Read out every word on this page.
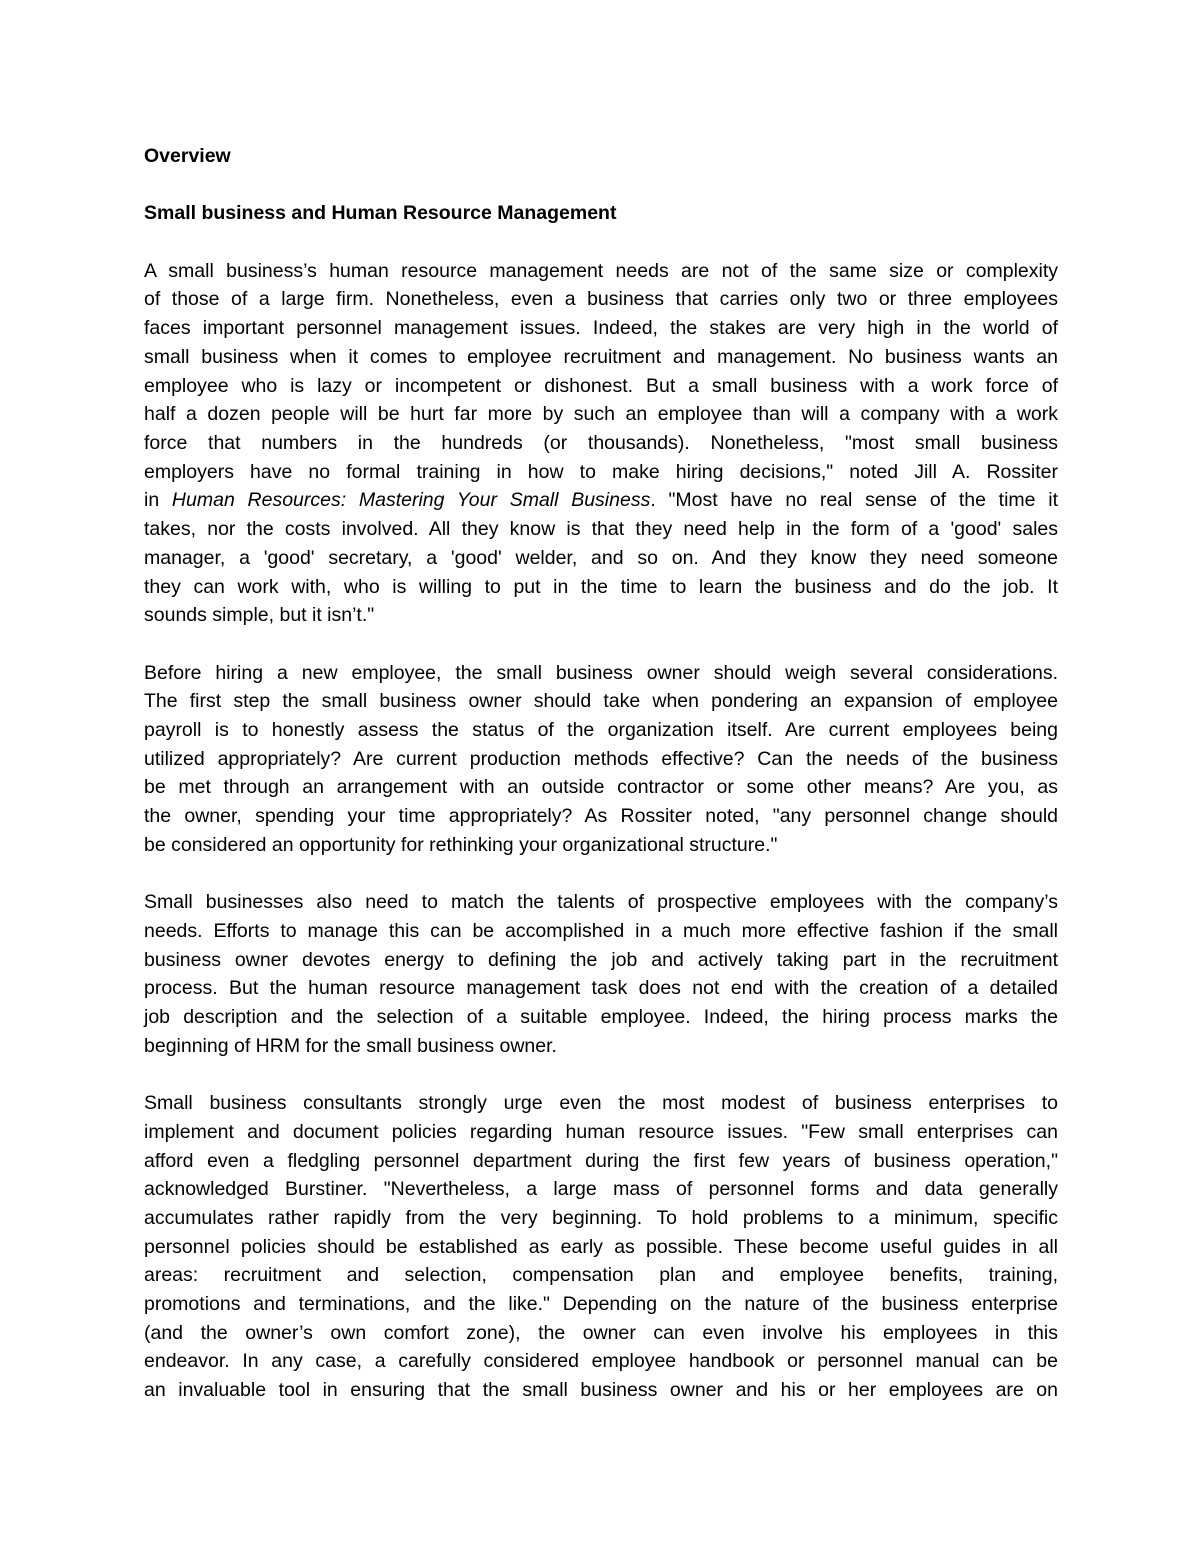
Overview

Small business and Human Resource Management

A small business’s human resource management needs are not of the same size or complexity
of those of a large firm. Nonetheless, even a business that carries only two or three employees
faces important personnel management issues. Indeed, the stakes are very high in the world of
small business when it comes to employee recruitment and management. No business wants an
employee who is lazy or incompetent or dishonest. But a small business with a work force of
half a dozen people will be hurt far more by such an employee than will a company with a work
force that numbers in the hundreds (or thousands). Nonetheless, "most small business
employers have no formal training in how to make hiring decisions," noted Jill A. Rossiter
in Human Resources: Mastering Your Small Business. "Most have no real sense of the time it
takes, nor the costs involved. All they know is that they need help in the form of a 'good' sales
manager, a 'good' secretary, a 'good' welder, and so on. And they know they need someone
they can work with, who is willing to put in the time to learn the business and do the job. It
sounds simple, but it isn’t."
Before hiring a new employee, the small business owner should weigh several considerations.
The first step the small business owner should take when pondering an expansion of employee
payroll is to honestly assess the status of the organization itself. Are current employees being
utilized appropriately? Are current production methods effective? Can the needs of the business
be met through an arrangement with an outside contractor or some other means? Are you, as
the owner, spending your time appropriately? As Rossiter noted, "any personnel change should
be considered an opportunity for rethinking your organizational structure."
Small businesses also need to match the talents of prospective employees with the company’s
needs. Efforts to manage this can be accomplished in a much more effective fashion if the small
business owner devotes energy to defining the job and actively taking part in the recruitment
process. But the human resource management task does not end with the creation of a detailed
job description and the selection of a suitable employee. Indeed, the hiring process marks the
beginning of HRM for the small business owner.
Small business consultants strongly urge even the most modest of business enterprises to
implement and document policies regarding human resource issues. "Few small enterprises can
afford even a fledgling personnel department during the first few years of business operation,"
acknowledged Burstiner. "Nevertheless, a large mass of personnel forms and data generally
accumulates rather rapidly from the very beginning. To hold problems to a minimum, specific
personnel policies should be established as early as possible. These become useful guides in all
areas: recruitment and selection, compensation plan and employee benefits, training,
promotions and terminations, and the like." Depending on the nature of the business enterprise
(and the owner’s own comfort zone), the owner can even involve his employees in this
endeavor. In any case, a carefully considered employee handbook or personnel manual can be
an invaluable tool in ensuring that the small business owner and his or her employees are on
